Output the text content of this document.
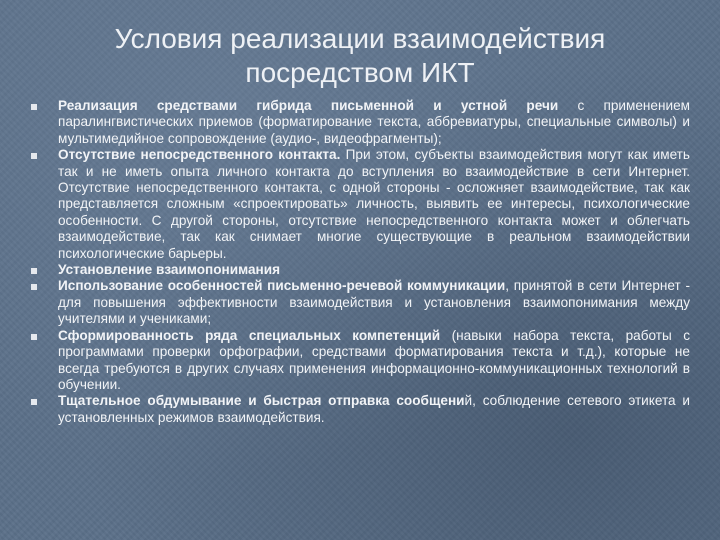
Условия реализации взаимодействия
посредством ИКТ
Реализация средствами гибрида письменной и устной речи с применением паралингвистических приемов (форматирование текста, аббревиатуры, специальные символы) и мультимедийное сопровождение (аудио-, видеофрагменты);
Отсутствие непосредственного контакта. При этом, субъекты взаимодействия могут как иметь так и не иметь опыта личного контакта до вступления во взаимодействие в сети Интернет. Отсутствие непосредственного контакта, с одной стороны - осложняет взаимодействие, так как представляется сложным «спроектировать» личность, выявить ее интересы, психологические особенности. С другой стороны, отсутствие непосредственного контакта может и облегчать взаимодействие, так как снимает многие существующие в реальном взаимодействии психологические барьеры.
Установление взаимопонимания
Использование особенностей письменно-речевой коммуникации, принятой в сети Интернет - для повышения эффективности взаимодействия и установления взаимопонимания между учителями и учениками;
Сформированность ряда специальных компетенций (навыки набора текста, работы с программами проверки орфографии, средствами форматирования текста и т.д.), которые не всегда требуются в других случаях применения информационно-коммуникационных технологий в обучении.
Тщательное обдумывание и быстрая отправка сообщений, соблюдение сетевого этикета и установленных режимов взаимодействия.
